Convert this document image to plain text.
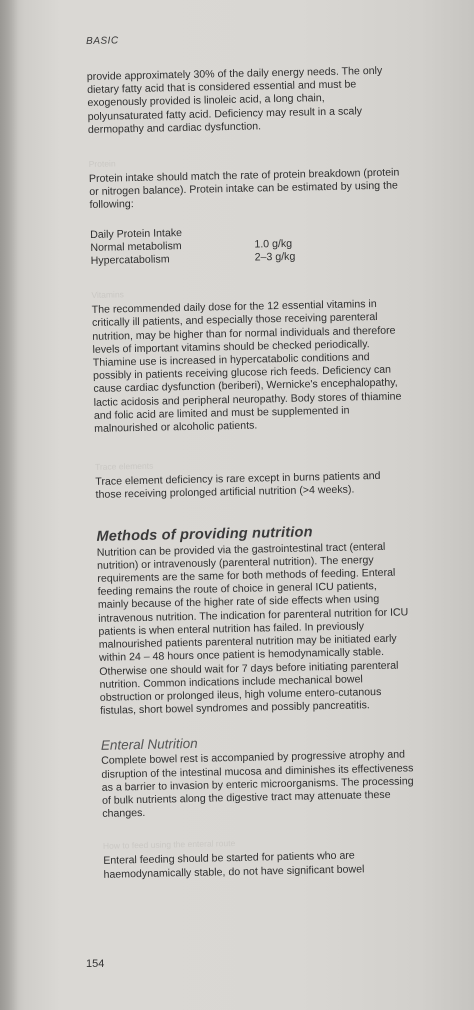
BASIC

provide approximately 30% of the daily energy needs. The only dietary fatty acid that is considered essential and must be exogenously provided is linoleic acid, a long chain, polyunsaturated fatty acid. Deficiency may result in a scaly dermopathy and cardiac dysfunction.

Protein

Protein intake should match the rate of protein breakdown (protein or nitrogen balance). Protein intake can be estimated by using the following:

Daily Protein Intake
Normal metabolism	1.0 g/kg
Hypercatabolism	2–3 g/kg
Vitamins

The recommended daily dose for the 12 essential vitamins in critically ill patients, and especially those receiving parenteral nutrition, may be higher than for normal individuals and therefore levels of important vitamins should be checked periodically. Thiamine use is increased in hypercatabolic conditions and possibly in patients receiving glucose rich feeds. Deficiency can cause cardiac dysfunction (beriberi), Wernicke's encephalopathy, lactic acidosis and peripheral neuropathy. Body stores of thiamine and folic acid are limited and must be supplemented in malnourished or alcoholic patients.

Trace elements

Trace element deficiency is rare except in burns patients and those receiving prolonged artificial nutrition (>4 weeks).

Methods of providing nutrition

Nutrition can be provided via the gastrointestinal tract (enteral nutrition) or intravenously (parenteral nutrition). The energy requirements are the same for both methods of feeding. Enteral feeding remains the route of choice in general ICU patients, mainly because of the higher rate of side effects when using intravenous nutrition. The indication for parenteral nutrition for ICU patients is when enteral nutrition has failed. In previously malnourished patients parenteral nutrition may be initiated early within 24 – 48 hours once patient is hemodynamically stable. Otherwise one should wait for 7 days before initiating parenteral nutrition. Common indications include mechanical bowel obstruction or prolonged ileus, high volume entero-cutanous fistulas, short bowel syndromes and possibly pancreatitis.

Enteral Nutrition

Complete bowel rest is accompanied by progressive atrophy and disruption of the intestinal mucosa and diminishes its effectiveness as a barrier to invasion by enteric microorganisms. The processing of bulk nutrients along the digestive tract may attenuate these changes.

How to feed using the enteral route

Enteral feeding should be started for patients who are haemodynamically stable, do not have significant bowel

154
